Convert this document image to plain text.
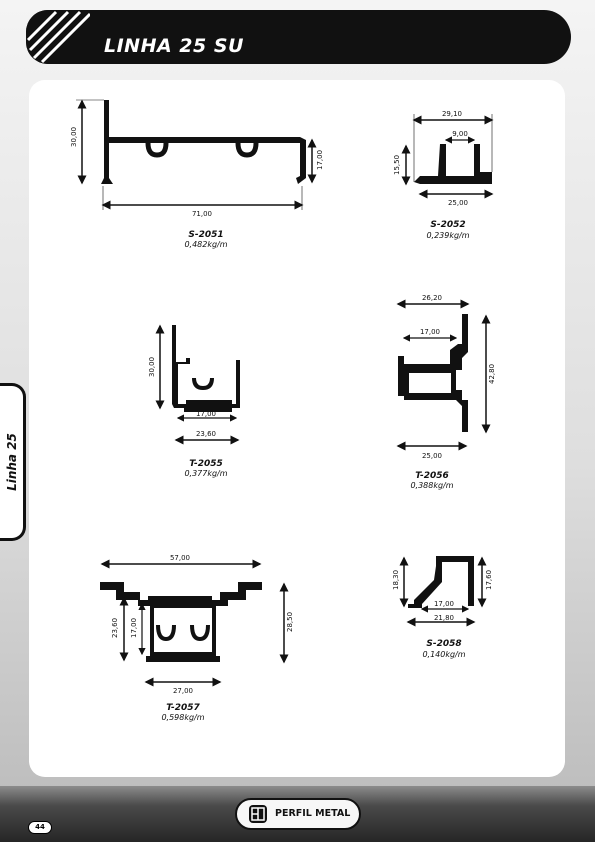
LINHA 25 SU
Linha 25
30,00
17,00
71,00
S-2051
0,482kg/m
29,10
9,00
15,50
25,00
S-2052
0,239kg/m
30,00
17,00
23,60
T-2055
0,377kg/m
26,20
17,00
42,80
25,00
T-2056
0,388kg/m
57,00
23,60 17,00	28,50
27,00
T-2057
0,598kg/m
18,30	17,60
17,00
21,80
S-2058
0,140kg/m
44
PERFIL METAL
